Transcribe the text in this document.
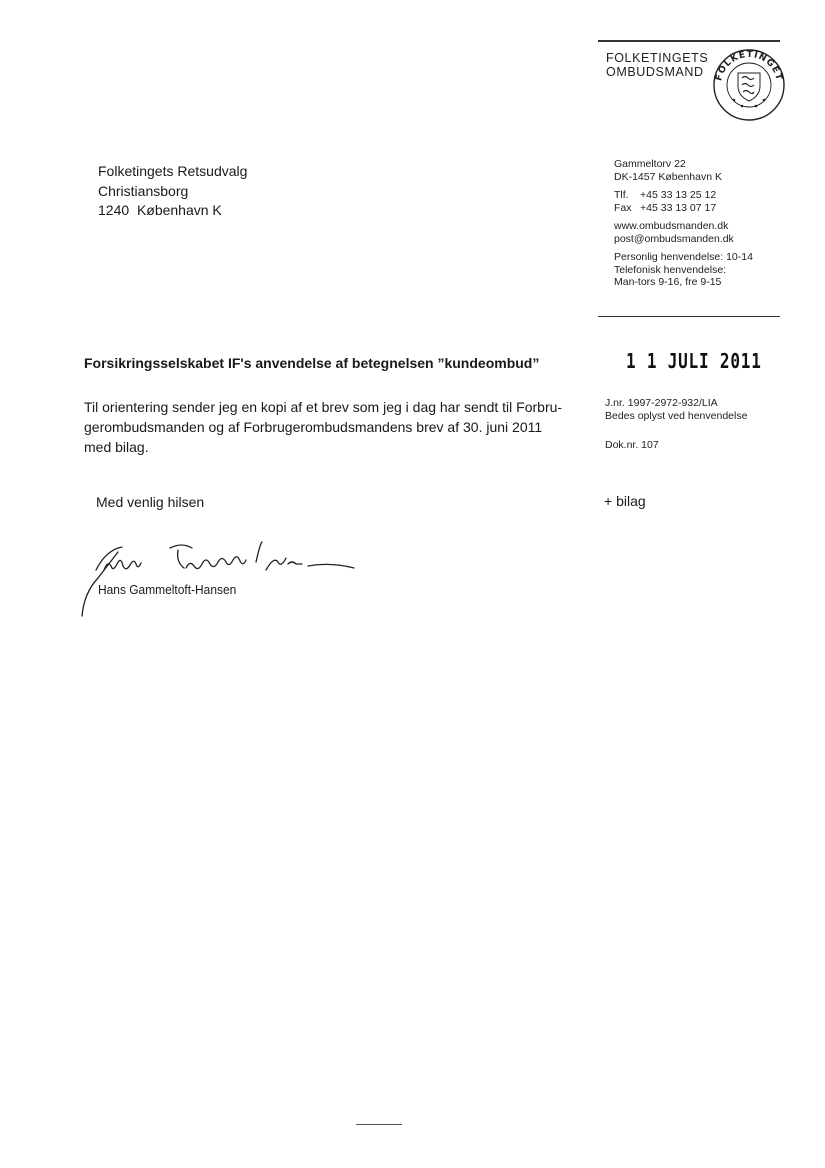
FOLKETINGETS
OMBUDSMAND	FOLKETINGET
Folketingets Retsudvalg
Christiansborg
1240 København K
Gammeltorv 22
DK-1457 København K
Tlf. +45 33 13 25 12
Fax +45 33 13 07 17
www.ombudsmanden.dk
post@ombudsmanden.dk
Personlig henvendelse: 10-14
Telefonisk henvendelse:
Man-tors 9-16, fre 9-15
Forsikringsselskabet IF's anvendelse af betegnelsen ”kundeombud”	1 1 JULI 2011
Til orientering sender jeg en kopi af et brev som jeg i dag har sendt til Forbru-
gerombudsmanden og af Forbrugerombudsmandens brev af 30. juni 2011
med bilag.
J.nr. 1997-2972-932/LIA
Bedes oplyst ved henvendelse
Dok.nr. 107
Med venlig hilsen	+ bilag
Hans Gammeltoft-Hansen
